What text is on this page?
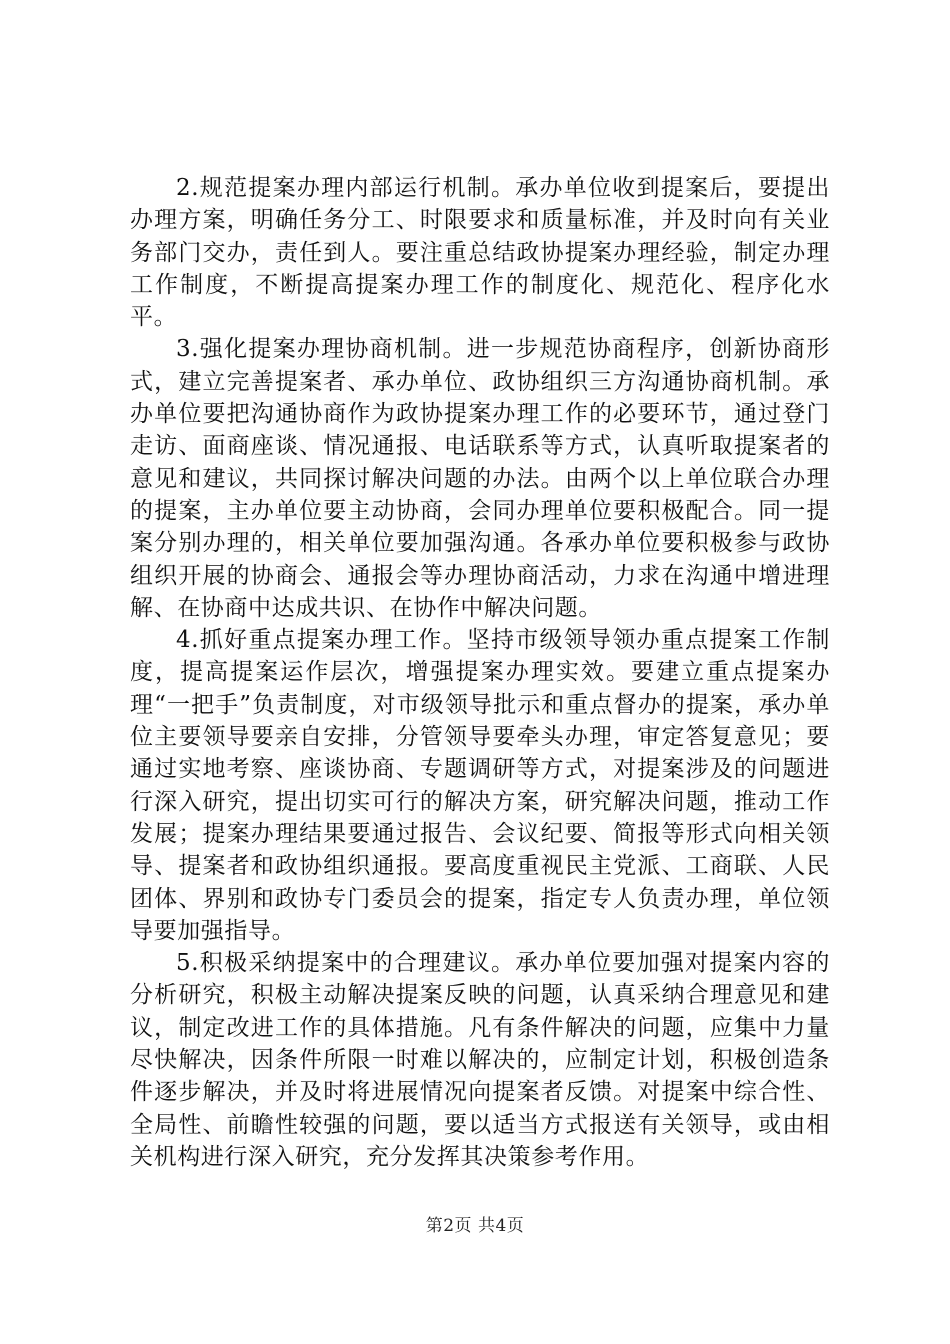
2.规范提案办理内部运行机制。承办单位收到提案后，要提出办理方案，明确任务分工、时限要求和质量标准，并及时向有关业务部门交办，责任到人。要注重总结政协提案办理经验，制定办理工作制度，不断提高提案办理工作的制度化、规范化、程序化水平。

3.强化提案办理协商机制。进一步规范协商程序，创新协商形式，建立完善提案者、承办单位、政协组织三方沟通协商机制。承办单位要把沟通协商作为政协提案办理工作的必要环节，通过登门走访、面商座谈、情况通报、电话联系等方式，认真听取提案者的意见和建议，共同探讨解决问题的办法。由两个以上单位联合办理的提案，主办单位要主动协商，会同办理单位要积极配合。同一提案分别办理的，相关单位要加强沟通。各承办单位要积极参与政协组织开展的协商会、通报会等办理协商活动，力求在沟通中增进理解、在协商中达成共识、在协作中解决问题。

4.抓好重点提案办理工作。坚持市级领导领办重点提案工作制度，提高提案运作层次，增强提案办理实效。要建立重点提案办理“一把手”负责制度，对市级领导批示和重点督办的提案，承办单位主要领导要亲自安排，分管领导要牵头办理，审定答复意见；要通过实地考察、座谈协商、专题调研等方式，对提案涉及的问题进行深入研究，提出切实可行的解决方案，研究解决问题，推动工作发展；提案办理结果要通过报告、会议纪要、简报等形式向相关领导、提案者和政协组织通报。要高度重视民主党派、工商联、人民团体、界别和政协专门委员会的提案，指定专人负责办理，单位领导要加强指导。

5.积极采纳提案中的合理建议。承办单位要加强对提案内容的分析研究，积极主动解决提案反映的问题，认真采纳合理意见和建议，制定改进工作的具体措施。凡有条件解决的问题，应集中力量尽快解决，因条件所限一时难以解决的，应制定计划，积极创造条件逐步解决，并及时将进展情况向提案者反馈。对提案中综合性、全局性、前瞻性较强的问题，要以适当方式报送有关领导，或由相关机构进行深入研究，充分发挥其决策参考作用。

第2页 共4页
